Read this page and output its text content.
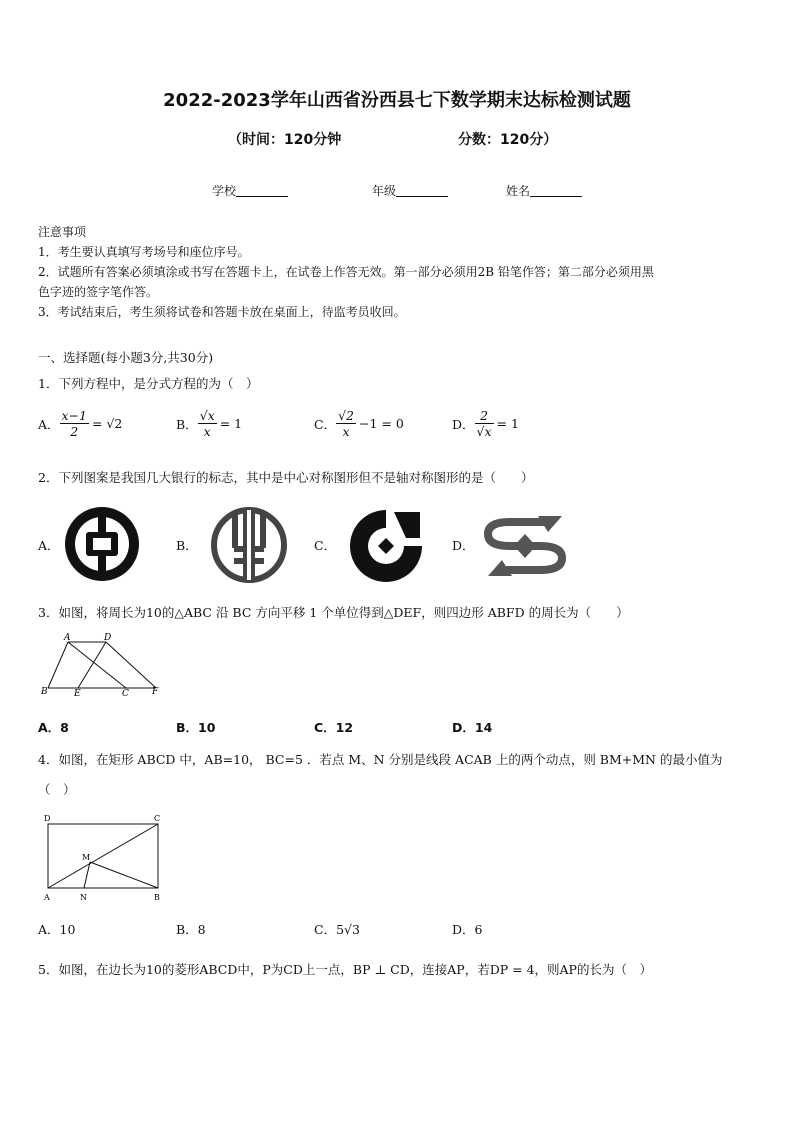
2022-2023学年山西省汾西县七下数学期末达标检测试题
（时间：120分钟	分数：120分）
学校	年级	姓名
注意事项
1．考生要认真填写考场号和座位序号。
2．试题所有答案必须填涂或书写在答题卡上，在试卷上作答无效。第一部分必须用2B 铅笔作答；第二部分必须用黑
色字迹的签字笔作答。
3．考试结束后，考生须将试卷和答题卡放在桌面上，待监考员收回。
一、选择题(每小题3分,共30分)
1．下列方程中，是分式方程的为（　）
A． $\frac{x-1}{2} = √2$	B． $\frac{√x}{x} = 1$	C． $\frac{√2}{x} -1 = 0$	D． $\frac{2}{√x} = 1$
2．下列图案是我国几大银行的标志，其中是中心对称图形但不是轴对称图形的是（　　）
A．	B．	C．	D．
3．如图，将周长为10的△ABC 沿 BC 方向平移 1 个单位得到△DEF，则四边形 ABFD 的周长为（　　）
A	D
B	E	C	F
A．8	B．10	C．12	D．14
4．如图，在矩形 ABCD 中，AB=10， BC=5 ．若点 M、N 分别是线段 ACAB 上的两个动点，则 BM+MN 的最小值为
（　）
D	C
A	B
M
N
A．10	B．8	C．5√3	D．6
5．如图，在边长为10的菱形ABCD中，P为CD上一点，BP ⊥ CD，连接AP，若DP = 4，则AP的长为（　）
